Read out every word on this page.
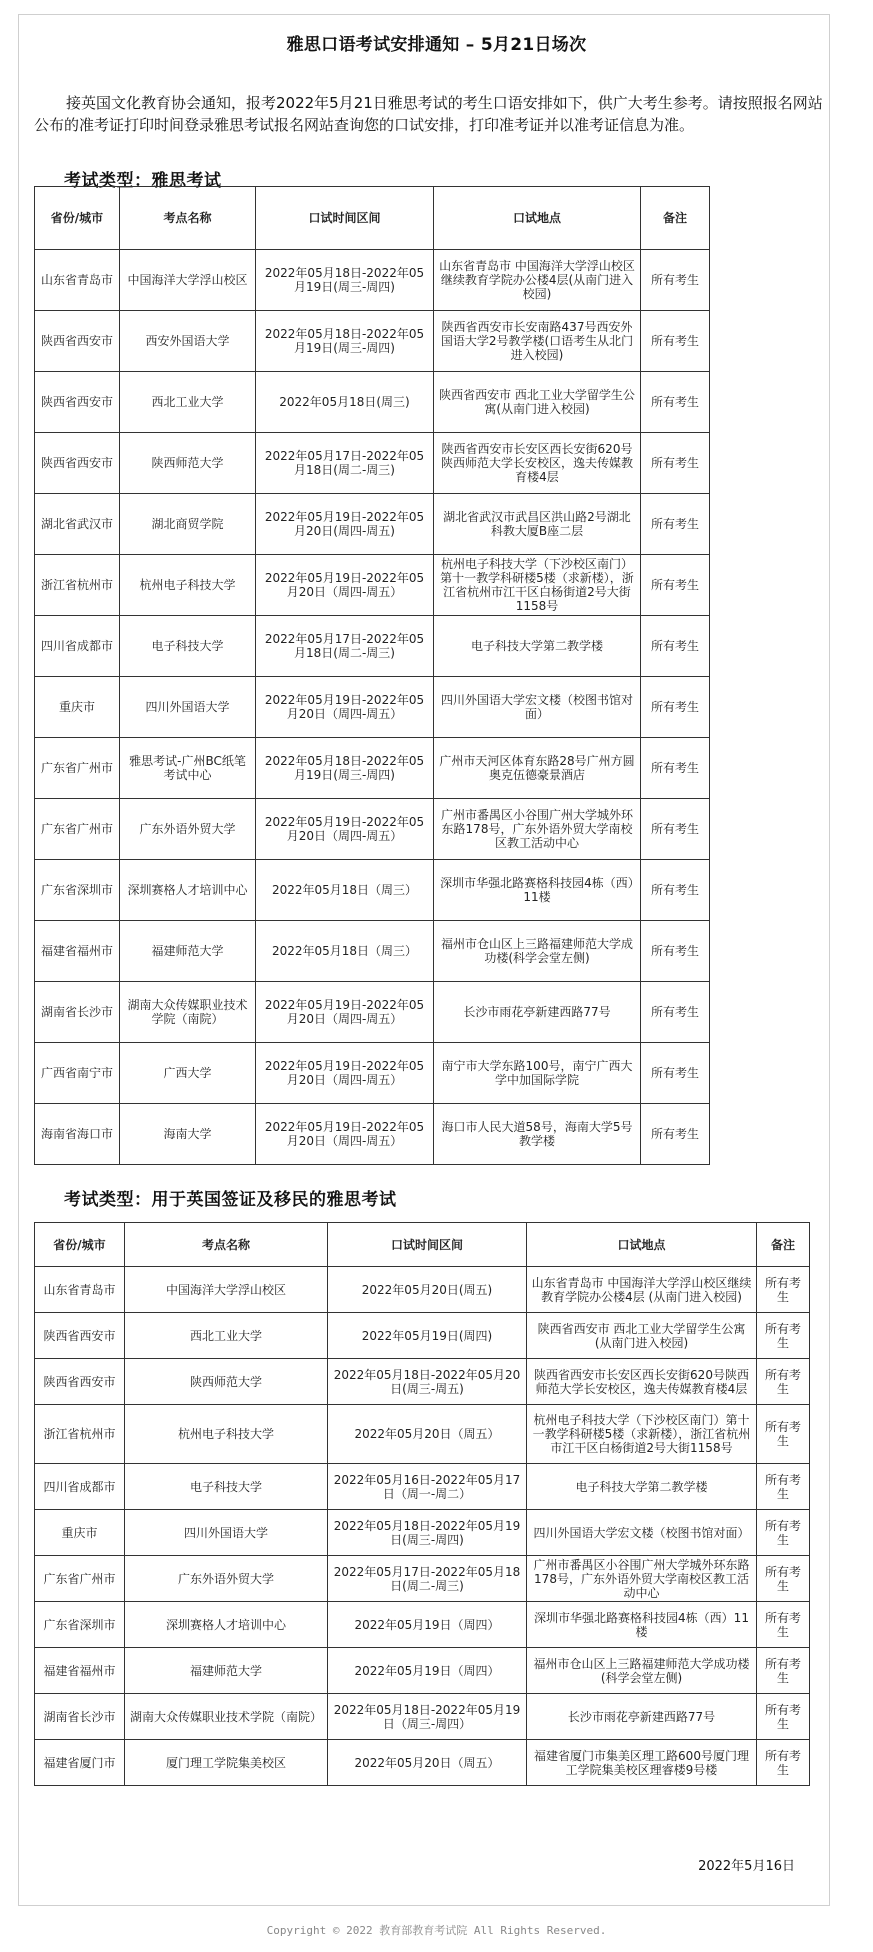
雅思口语考试安排通知 – 5月21日场次
接英国文化教育协会通知，报考2022年5月21日雅思考试的考生口语安排如下，供广大考生参考。请按照报名网站公布的准考证打印时间登录雅思考试报名网站查询您的口试安排，打印准考证并以准考证信息为准。
考试类型：雅思考试
省份/城市	考点名称	口试时间区间	口试地点	备注
山东省青岛市	中国海洋大学浮山校区	2022年05月18日-2022年05月19日(周三-周四)	山东省青岛市 中国海洋大学浮山校区继续教育学院办公楼4层(从南门进入校园)	所有考生
陕西省西安市	西安外国语大学	2022年05月18日-2022年05月19日(周三-周四)	陕西省西安市长安南路437号西安外国语大学2号教学楼(口语考生从北门进入校园)	所有考生
陕西省西安市	西北工业大学	2022年05月18日(周三)	陕西省西安市 西北工业大学留学生公寓(从南门进入校园)	所有考生
陕西省西安市	陕西师范大学	2022年05月17日-2022年05月18日(周二-周三)	陕西省西安市长安区西长安街620号陕西师范大学长安校区，逸夫传媒教育楼4层	所有考生
湖北省武汉市	湖北商贸学院	2022年05月19日-2022年05月20日(周四-周五)	湖北省武汉市武昌区洪山路2号湖北科教大厦B座二层	所有考生
浙江省杭州市	杭州电子科技大学	2022年05月19日-2022年05月20日（周四-周五）	杭州电子科技大学（下沙校区南门）第十一教学科研楼5楼（求新楼），浙江省杭州市江干区白杨街道2号大街1158号	所有考生
四川省成都市	电子科技大学	2022年05月17日-2022年05月18日(周二-周三)	电子科技大学第二教学楼	所有考生
重庆市	四川外国语大学	2022年05月19日-2022年05月20日（周四-周五）	四川外国语大学宏文楼（校图书馆对面）	所有考生
广东省广州市	雅思考试-广州BC纸笔考试中心	2022年05月18日-2022年05月19日(周三-周四)	广州市天河区体育东路28号广州方圆奥克伍德豪景酒店	所有考生
广东省广州市	广东外语外贸大学	2022年05月19日-2022年05月20日（周四-周五）	广州市番禺区小谷围广州大学城外环东路178号，广东外语外贸大学南校区教工活动中心	所有考生
广东省深圳市	深圳赛格人才培训中心	2022年05月18日（周三）	深圳市华强北路赛格科技园4栋（西）11楼	所有考生
福建省福州市	福建师范大学	2022年05月18日（周三）	福州市仓山区上三路福建师范大学成功楼(科学会堂左侧)	所有考生
湖南省长沙市	湖南大众传媒职业技术学院（南院）	2022年05月19日-2022年05月20日（周四-周五）	长沙市雨花亭新建西路77号	所有考生
广西省南宁市	广西大学	2022年05月19日-2022年05月20日（周四-周五）	南宁市大学东路100号，南宁广西大学中加国际学院	所有考生
海南省海口市	海南大学	2022年05月19日-2022年05月20日（周四-周五）	海口市人民大道58号，海南大学5号教学楼	所有考生
考试类型：用于英国签证及移民的雅思考试
省份/城市	考点名称	口试时间区间	口试地点	备注
山东省青岛市	中国海洋大学浮山校区	2022年05月20日(周五)	山东省青岛市 中国海洋大学浮山校区继续教育学院办公楼4层 (从南门进入校园)	所有考生
陕西省西安市	西北工业大学	2022年05月19日(周四)	陕西省西安市 西北工业大学留学生公寓(从南门进入校园)	所有考生
陕西省西安市	陕西师范大学	2022年05月18日-2022年05月20日(周三-周五)	陕西省西安市长安区西长安街620号陕西师范大学长安校区，逸夫传媒教育楼4层	所有考生
浙江省杭州市	杭州电子科技大学	2022年05月20日（周五）	杭州电子科技大学（下沙校区南门）第十一教学科研楼5楼（求新楼），浙江省杭州市江干区白杨街道2号大街1158号	所有考生
四川省成都市	电子科技大学	2022年05月16日-2022年05月17日（周一-周二）	电子科技大学第二教学楼	所有考生
重庆市	四川外国语大学	2022年05月18日-2022年05月19日(周三-周四)	四川外国语大学宏文楼（校图书馆对面）	所有考生
广东省广州市	广东外语外贸大学	2022年05月17日-2022年05月18日(周二-周三)	广州市番禺区小谷围广州大学城外环东路178号，广东外语外贸大学南校区教工活动中心	所有考生
广东省深圳市	深圳赛格人才培训中心	2022年05月19日（周四）	深圳市华强北路赛格科技园4栋（西）11楼	所有考生
福建省福州市	福建师范大学	2022年05月19日（周四）	福州市仓山区上三路福建师范大学成功楼(科学会堂左侧)	所有考生
湖南省长沙市	湖南大众传媒职业技术学院（南院）	2022年05月18日-2022年05月19日（周三-周四）	长沙市雨花亭新建西路77号	所有考生
福建省厦门市	厦门理工学院集美校区	2022年05月20日（周五）	福建省厦门市集美区理工路600号厦门理工学院集美校区理睿楼9号楼	所有考生
2022年5月16日
Copyright © 2022 教育部教育考试院 All Rights Reserved.
